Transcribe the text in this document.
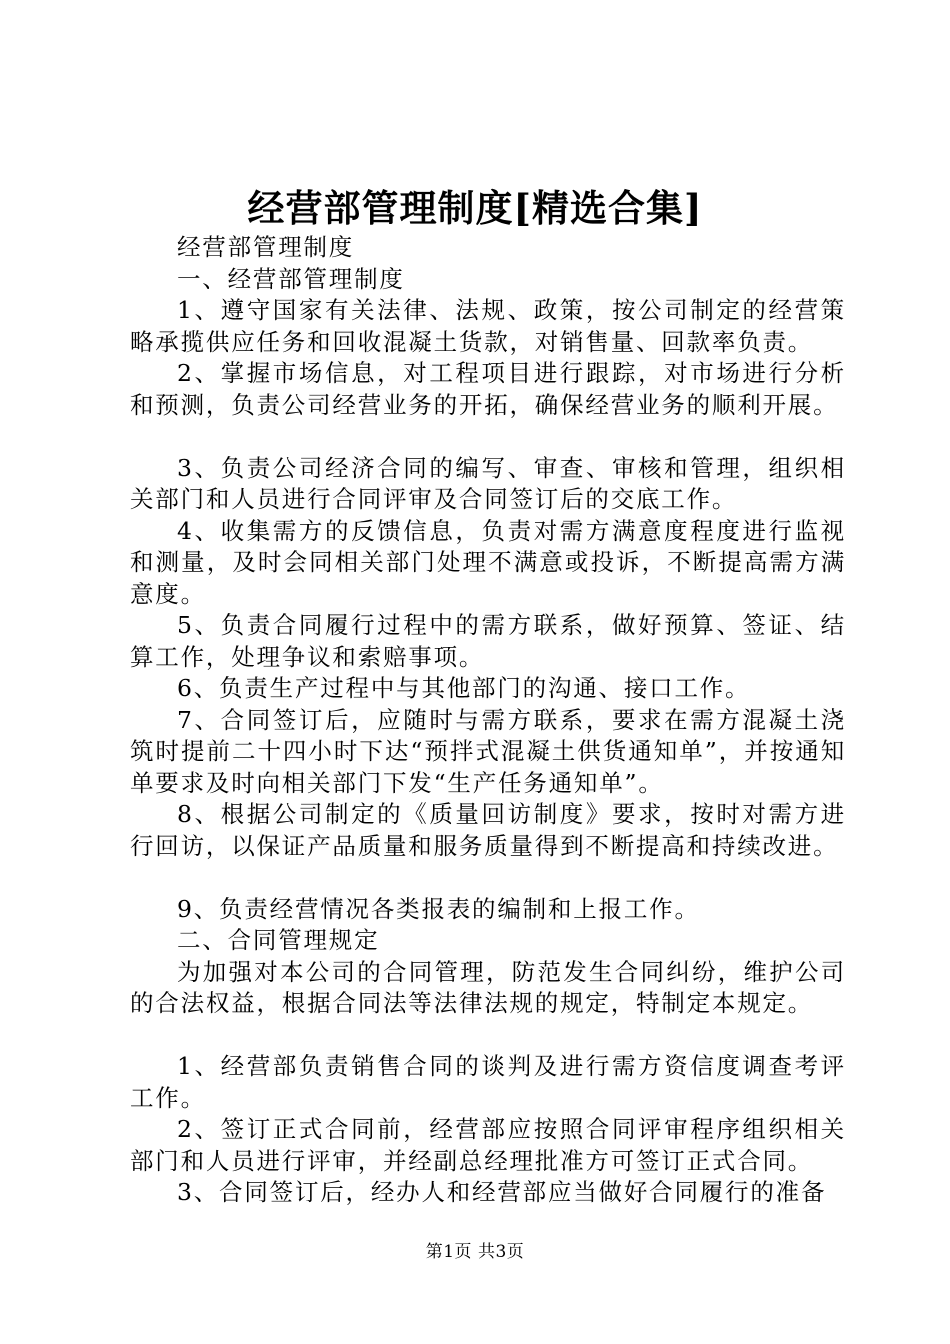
经营部管理制度[精选合集]

经营部管理制度

一、经营部管理制度

1、遵守国家有关法律、法规、政策，按公司制定的经营策略承揽供应任务和回收混凝土货款，对销售量、回款率负责。

2、掌握市场信息，对工程项目进行跟踪，对市场进行分析和预测，负责公司经营业务的开拓，确保经营业务的顺利开展。

3、负责公司经济合同的编写、审查、审核和管理，组织相关部门和人员进行合同评审及合同签订后的交底工作。

4、收集需方的反馈信息，负责对需方满意度程度进行监视和测量，及时会同相关部门处理不满意或投诉，不断提高需方满意度。

5、负责合同履行过程中的需方联系，做好预算、签证、结算工作，处理争议和索赔事项。

6、负责生产过程中与其他部门的沟通、接口工作。

7、合同签订后，应随时与需方联系，要求在需方混凝土浇筑时提前二十四小时下达“预拌式混凝土供货通知单”，并按通知单要求及时向相关部门下发“生产任务通知单”。

8、根据公司制定的《质量回访制度》要求，按时对需方进行回访，以保证产品质量和服务质量得到不断提高和持续改进。

9、负责经营情况各类报表的编制和上报工作。

二、合同管理规定

为加强对本公司的合同管理，防范发生合同纠纷，维护公司的合法权益，根据合同法等法律法规的规定，特制定本规定。

1、经营部负责销售合同的谈判及进行需方资信度调查考评工作。

2、签订正式合同前，经营部应按照合同评审程序组织相关部门和人员进行评审，并经副总经理批准方可签订正式合同。

3、合同签订后，经办人和经营部应当做好合同履行的准备

第1页 共3页
